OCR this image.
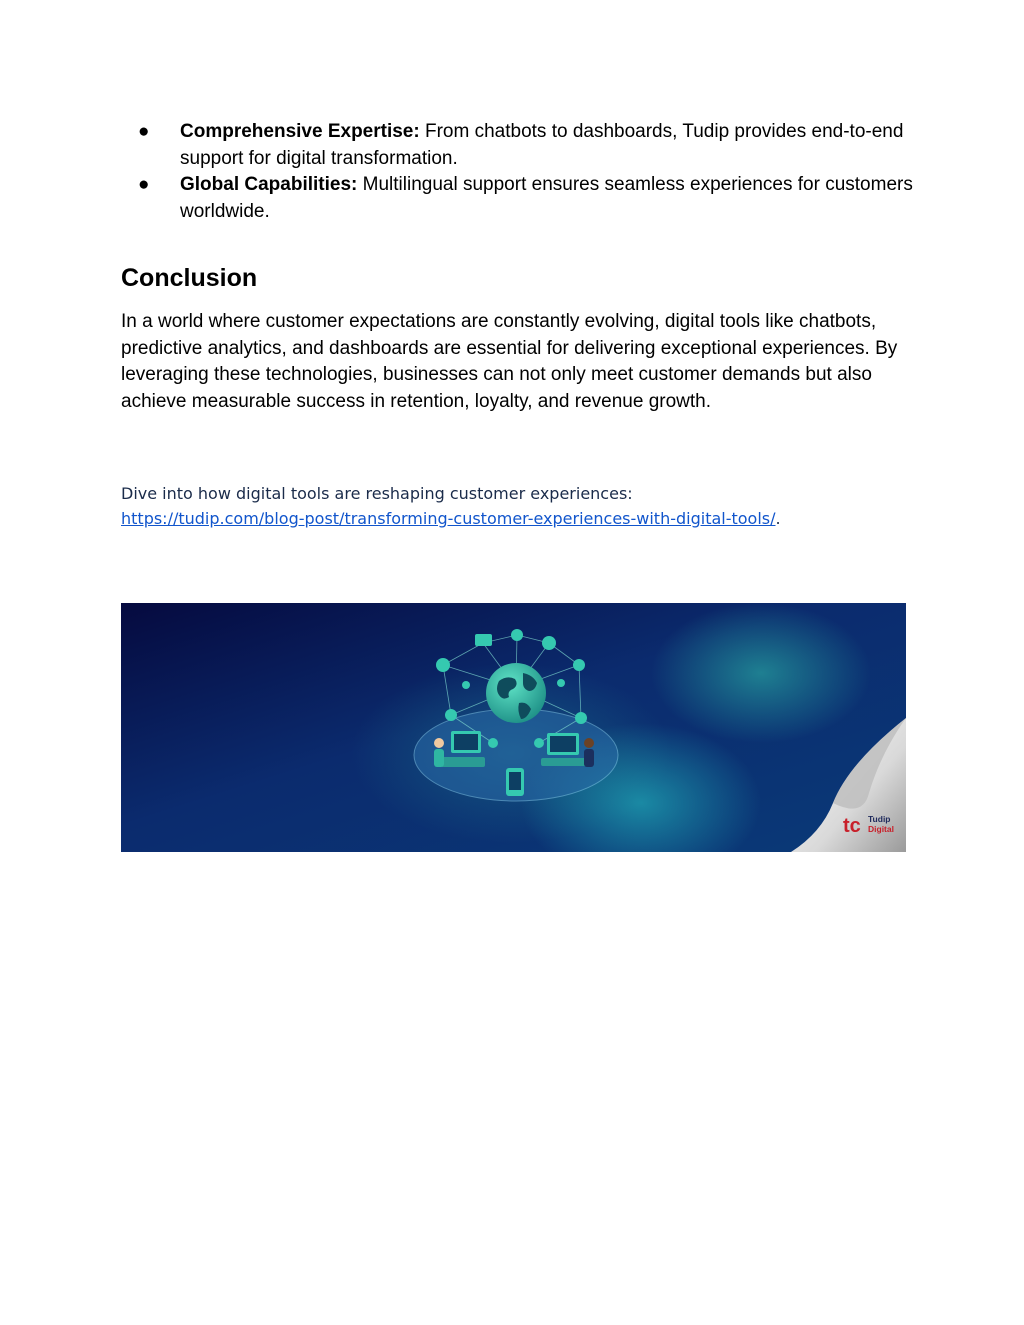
● Comprehensive Expertise: From chatbots to dashboards, Tudip provides end-to-end support for digital transformation.
● Global Capabilities: Multilingual support ensures seamless experiences for customers worldwide.
Conclusion

In a world where customer expectations are constantly evolving, digital tools like chatbots, predictive analytics, and dashboards are essential for delivering exceptional experiences. By leveraging these technologies, businesses can not only meet customer demands but also achieve measurable success in retention, loyalty, and revenue growth.

Dive into how digital tools are reshaping customer experiences:
https://tudip.com/blog-post/transforming-customer-experiences-with-digital-tools/.

tc Tudip
Digital
